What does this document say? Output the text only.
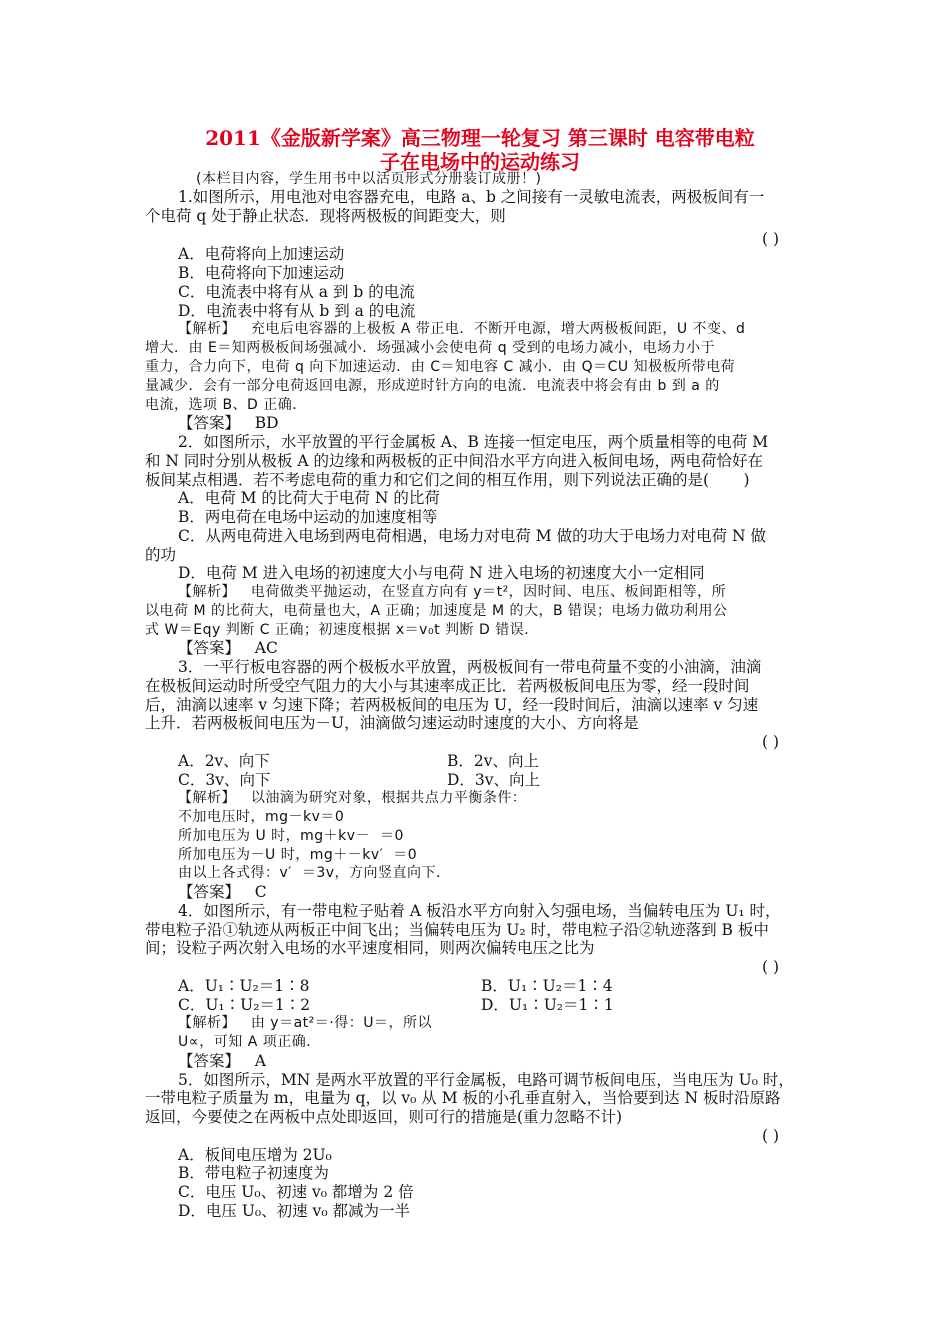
2011《金版新学案》高三物理一轮复习 第三课时 电容带电粒
子在电场中的运动练习
(本栏目内容，学生用书中以活页形式分册装订成册！)
1.如图所示，用电池对电容器充电，电路 a、b 之间接有一灵敏电流表，两极板间有一
个电荷 q 处于静止状态．现将两极板的间距变大，则
A．电荷将向上加速运动
B．电荷将向下加速运动
C．电流表中将有从 a 到 b 的电流
D．电流表中将有从 b 到 a 的电流
【解析】   充电后电容器的上极板 A 带正电．不断开电源，增大两极板间距，U 不变、d
增大．由 E＝知两极板间场强减小．场强减小会使电荷 q 受到的电场力减小，电场力小于
重力，合力向下，电荷 q 向下加速运动．由 C＝知电容 C 减小．由 Q＝CU 知极板所带电荷
量减少．会有一部分电荷返回电源，形成逆时针方向的电流．电流表中将会有由 b 到 a 的
电流，选项 B、D 正确．
【答案】   BD
2．如图所示，水平放置的平行金属板 A、B 连接一恒定电压，两个质量相等的电荷 M
和 N 同时分别从极板 A 的边缘和两极板的正中间沿水平方向进入板间电场，两电荷恰好在
板间某点相遇．若不考虑电荷的重力和它们之间的相互作用，则下列说法正确的是(       )
A．电荷 M 的比荷大于电荷 N 的比荷
B．两电荷在电场中运动的加速度相等
C．从两电荷进入电场到两电荷相遇，电场力对电荷 M 做的功大于电场力对电荷 N 做
的功
D．电荷 M 进入电场的初速度大小与电荷 N 进入电场的初速度大小一定相同
【解析】   电荷做类平抛运动，在竖直方向有 y＝t²，因时间、电压、板间距相等，所
以电荷 M 的比荷大，电荷量也大，A 正确；加速度是 M 的大，B 错误；电场力做功利用公
式 W＝Eqy 判断 C 正确；初速度根据 x＝v₀t 判断 D 错误．
【答案】   AC
3．一平行板电容器的两个极板水平放置，两极板间有一带电荷量不变的小油滴，油滴
在极板间运动时所受空气阻力的大小与其速率成正比．若两极板间电压为零，经一段时间
后，油滴以速率 v 匀速下降；若两极板间的电压为 U，经一段时间后，油滴以速率 v 匀速
上升．若两极板间电压为－U，油滴做匀速运动时速度的大小、方向将是
A．2v、向下
C．3v、向下
【解析】   以油滴为研究对象，根据共点力平衡条件：
不加电压时，mg－kv＝0
所加电压为 U 时，mg＋kv－  ＝0
所加电压为－U 时，mg＋－kv′  ＝0
由以上各式得：v′  ＝3v，方向竖直向下．
【答案】   C
4．如图所示，有一带电粒子贴着 A 板沿水平方向射入匀强电场，当偏转电压为 U₁ 时，
带电粒子沿①轨迹从两板正中间飞出；当偏转电压为 U₂ 时，带电粒子沿②轨迹落到 B 板中
间；设粒子两次射入电场的水平速度相同，则两次偏转电压之比为
A．U₁∶U₂＝1∶8
C．U₁∶U₂＝1∶2
【解析】   由 y＝at²＝·得：U＝，所以
U∝，可知 A 项正确．
【答案】   A
5．如图所示，MN 是两水平放置的平行金属板，电路可调节板间电压，当电压为 U₀ 时，
一带电粒子质量为 m，电量为 q，以 v₀ 从 M 板的小孔垂直射入，当恰要到达 N 板时沿原路
返回，今要使之在两板中点处即返回，则可行的措施是(重力忽略不计)
A．板间电压增为 2U₀
B．带电粒子初速度为
C．电压 U₀、初速 v₀ 都增为 2 倍
D．电压 U₀、初速 v₀ 都减为一半
B．2v、向上
D．3v、向上
B．U₁∶U₂＝1∶4
D．U₁∶U₂＝1∶1
( )
( )
( )
( )
